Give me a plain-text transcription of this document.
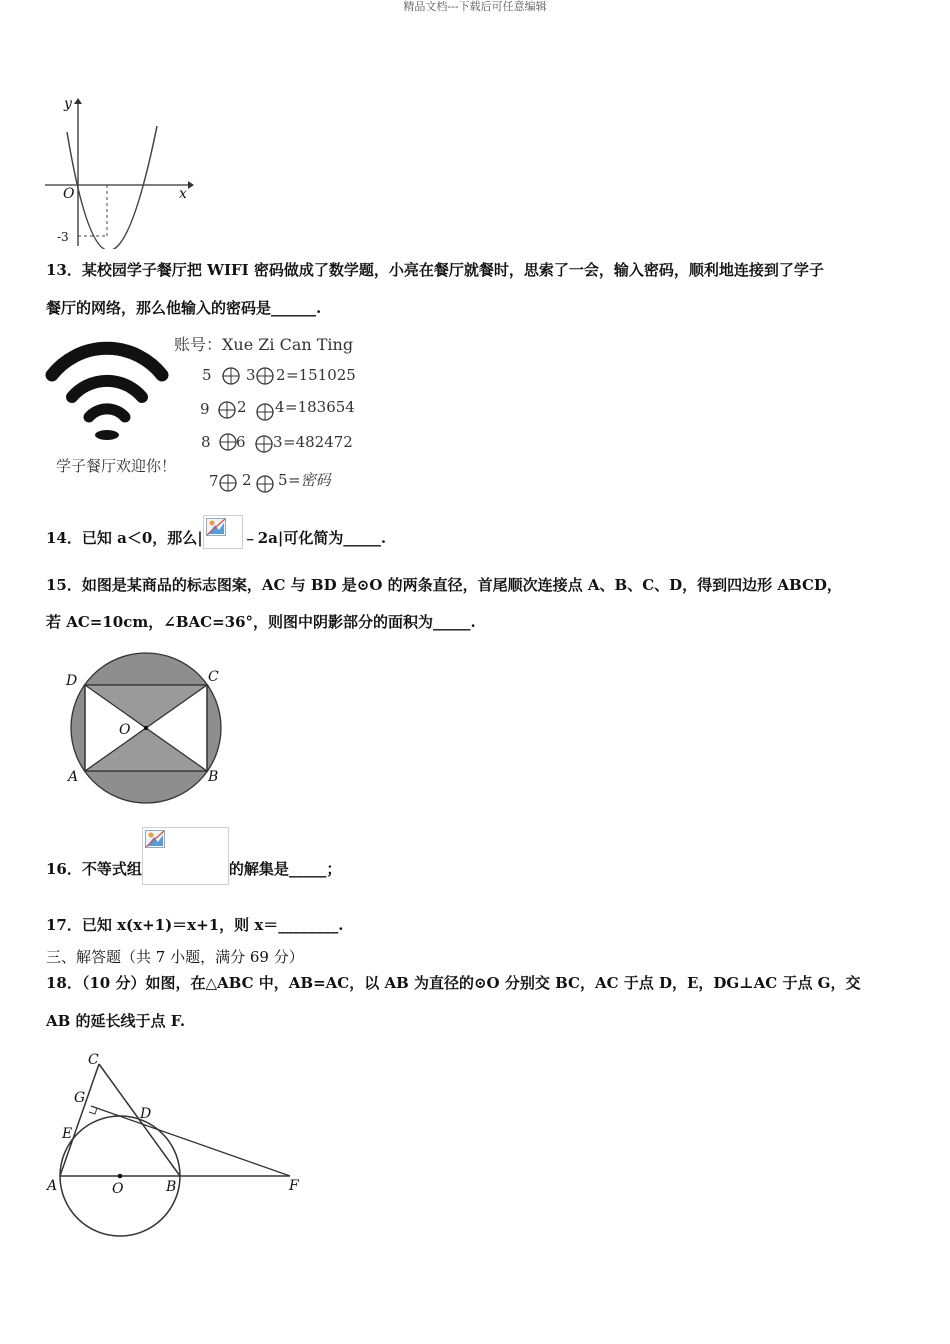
精品文档---下载后可任意编辑
y
x
O
-3
13．某校园学子餐厅把 WIFI 密码做成了数学题，小亮在餐厅就餐时，思索了一会，输入密码，顺利地连接到了学子
餐厅的网络，那么他输入的密码是______.
学子餐厅欢迎你！
账号：Xue Zi Can Ting
5 3 2 =151025
9 2 4 =183654
8 6 3 =482472
7 2 5 =密码
14．已知 a＜0，那么|	﹣2a|可化简为_____.
15．如图是某商品的标志图案，AC 与 BD 是⊙O 的两条直径，首尾顺次连接点 A、B、C、D，得到四边形 ABCD，
若 AC=10cm，∠BAC=36°，则图中阴影部分的面积为_____.
D	C
O
A	B
16．不等式组	的解集是_____；
17．已知 x(x+1)＝x+1，则 x＝________.
三、解答题（共 7 小题，满分 69 分）
18．（10 分）如图，在△ABC 中，AB=AC，以 AB 为直径的⊙O 分别交 BC，AC 于点 D，E，DG⊥AC 于点 G，交
AB 的延长线于点 F.
C
G
D
E
A	O	B	F
